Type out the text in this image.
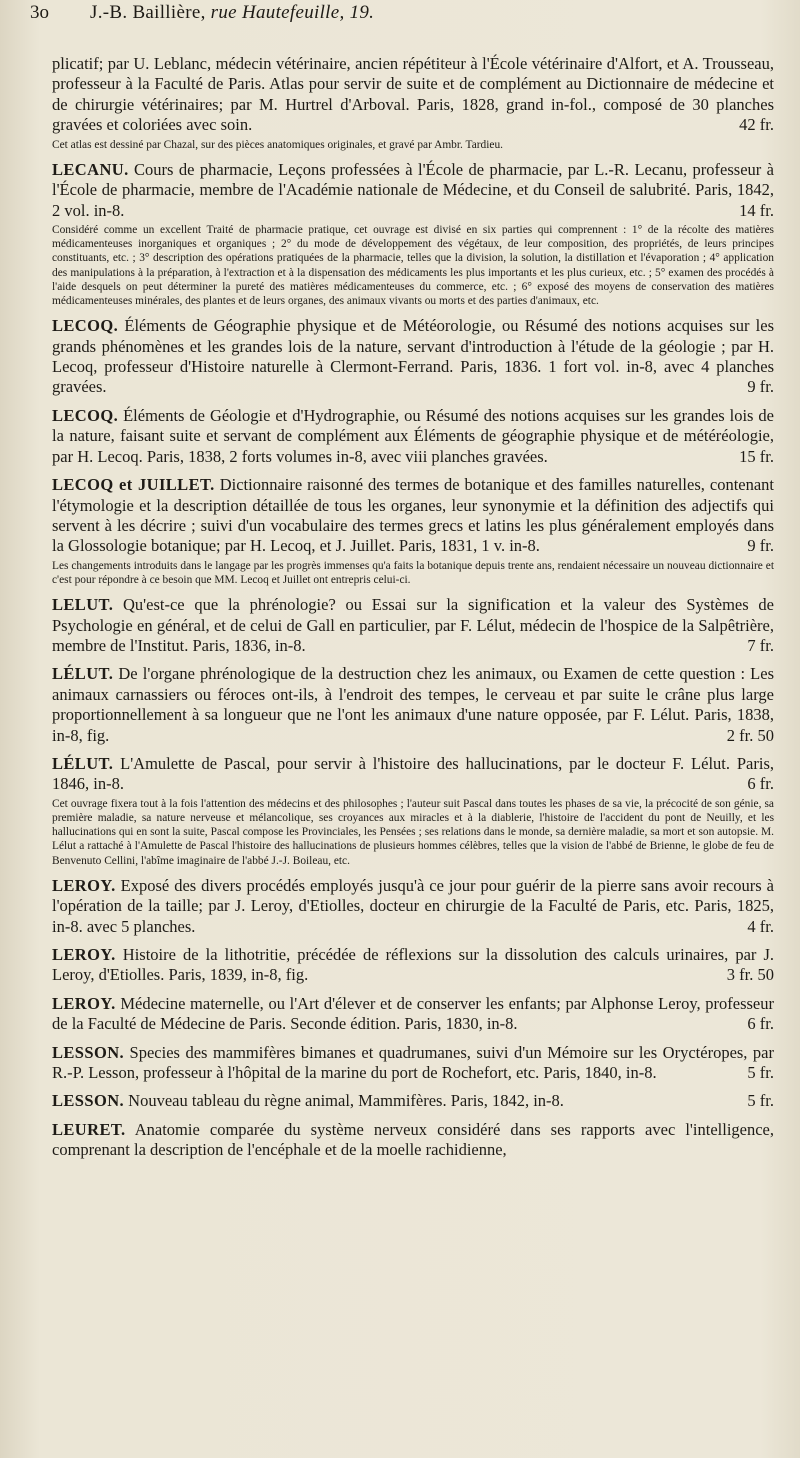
3o	J.-B. Baillière, rue Hautefeuille, 19.
plicatif; par U. Leblanc, médecin vétérinaire, ancien répétiteur à l'École vétérinaire d'Alfort, et A. Trousseau, professeur à la Faculté de Paris. Atlas pour servir de suite et de complément au Dictionnaire de médecine et de chirurgie vétérinaires; par M. Hurtrel d'Arboval. Paris, 1828, grand in-fol., composé de 30 planches gravées et coloriées avec soin.	42 fr.
Cet atlas est dessiné par Chazal, sur des pièces anatomiques originales, et gravé par Ambr. Tardieu.
LECANU. Cours de pharmacie, Leçons professées à l'École de pharmacie, par L.-R. Lecanu, professeur à l'École de pharmacie, membre de l'Académie nationale de Médecine, et du Conseil de salubrité. Paris, 1842, 2 vol. in-8.	14 fr.
Considéré comme un excellent Traité de pharmacie pratique, cet ouvrage est divisé en six parties qui comprennent : 1° de la récolte des matières médicamenteuses inorganiques et organiques ; 2° du mode de développement des végétaux, de leur composition, des propriétés, de leurs principes constituants, etc. ; 3° description des opérations pratiquées de la pharmacie, telles que la division, la solution, la distillation et l'évaporation ; 4° application des manipulations à la préparation, à l'extraction et à la dispensation des médicaments les plus importants et les plus curieux, etc. ; 5° examen des procédés à l'aide desquels on peut déterminer la pureté des matières médicamenteuses du commerce, etc. ; 6° exposé des moyens de conservation des matières médicamenteuses minérales, des plantes et de leurs organes, des animaux vivants ou morts et des parties d'animaux, etc.
LECOQ. Éléments de Géographie physique et de Météorologie, ou Résumé des notions acquises sur les grands phénomènes et les grandes lois de la nature, servant d'introduction à l'étude de la géologie ; par H. Lecoq, professeur d'Histoire naturelle à Clermont-Ferrand. Paris, 1836. 1 fort vol. in-8, avec 4 planches gravées.	9 fr.
LECOQ. Éléments de Géologie et d'Hydrographie, ou Résumé des notions acquises sur les grandes lois de la nature, faisant suite et servant de complément aux Éléments de géographie physique et de météréologie, par H. Lecoq. Paris, 1838, 2 forts volumes in-8, avec viii planches gravées.	15 fr.
LECOQ et JUILLET. Dictionnaire raisonné des termes de botanique et des familles naturelles, contenant l'étymologie et la description détaillée de tous les organes, leur synonymie et la définition des adjectifs qui servent à les décrire ; suivi d'un vocabulaire des termes grecs et latins les plus généralement employés dans la Glossologie botanique; par H. Lecoq, et J. Juillet. Paris, 1831, 1 v. in-8.	9 fr.
Les changements introduits dans le langage par les progrès immenses qu'a faits la botanique depuis trente ans, rendaient nécessaire un nouveau dictionnaire et c'est pour répondre à ce besoin que MM. Lecoq et Juillet ont entrepris celui-ci.
LELUT. Qu'est-ce que la phrénologie? ou Essai sur la signification et la valeur des Systèmes de Psychologie en général, et de celui de Gall en particulier, par F. Lélut, médecin de l'hospice de la Salpêtrière, membre de l'Institut. Paris, 1836, in-8.	7 fr.
LÉLUT. De l'organe phrénologique de la destruction chez les animaux, ou Examen de cette question : Les animaux carnassiers ou féroces ont-ils, à l'endroit des tempes, le cerveau et par suite le crâne plus large proportionnellement à sa longueur que ne l'ont les animaux d'une nature opposée, par F. Lélut. Paris, 1838, in-8, fig.	2 fr. 50
LÉLUT. L'Amulette de Pascal, pour servir à l'histoire des hallucinations, par le docteur F. Lélut. Paris, 1846, in-8.	6 fr.
Cet ouvrage fixera tout à la fois l'attention des médecins et des philosophes ; l'auteur suit Pascal dans toutes les phases de sa vie, la précocité de son génie, sa première maladie, sa nature nerveuse et mélancolique, ses croyances aux miracles et à la diablerie, l'histoire de l'accident du pont de Neuilly, et les hallucinations qui en sont la suite, Pascal compose les Provinciales, les Pensées ; ses relations dans le monde, sa dernière maladie, sa mort et son autopsie. M. Lélut a rattaché à l'Amulette de Pascal l'histoire des hallucinations de plusieurs hommes célèbres, telles que la vision de l'abbé de Brienne, le globe de feu de Benvenuto Cellini, l'abîme imaginaire de l'abbé J.-J. Boileau, etc.
LEROY. Exposé des divers procédés employés jusqu'à ce jour pour guérir de la pierre sans avoir recours à l'opération de la taille; par J. Leroy, d'Etiolles, docteur en chirurgie de la Faculté de Paris, etc. Paris, 1825, in-8. avec 5 planches.	4 fr.
LEROY. Histoire de la lithotritie, précédée de réflexions sur la dissolution des calculs urinaires, par J. Leroy, d'Etiolles. Paris, 1839, in-8, fig.	3 fr. 50
LEROY. Médecine maternelle, ou l'Art d'élever et de conserver les enfants; par Alphonse Leroy, professeur de la Faculté de Médecine de Paris. Seconde édition. Paris, 1830, in-8.	6 fr.
LESSON. Species des mammifères bimanes et quadrumanes, suivi d'un Mémoire sur les Oryctéropes, par R.-P. Lesson, professeur à l'hôpital de la marine du port de Rochefort, etc. Paris, 1840, in-8.	5 fr.
LESSON. Nouveau tableau du règne animal, Mammifères. Paris, 1842, in-8.	5 fr.
LEURET. Anatomie comparée du système nerveux considéré dans ses rapports avec l'intelligence, comprenant la description de l'encéphale et de la moelle rachidienne,
